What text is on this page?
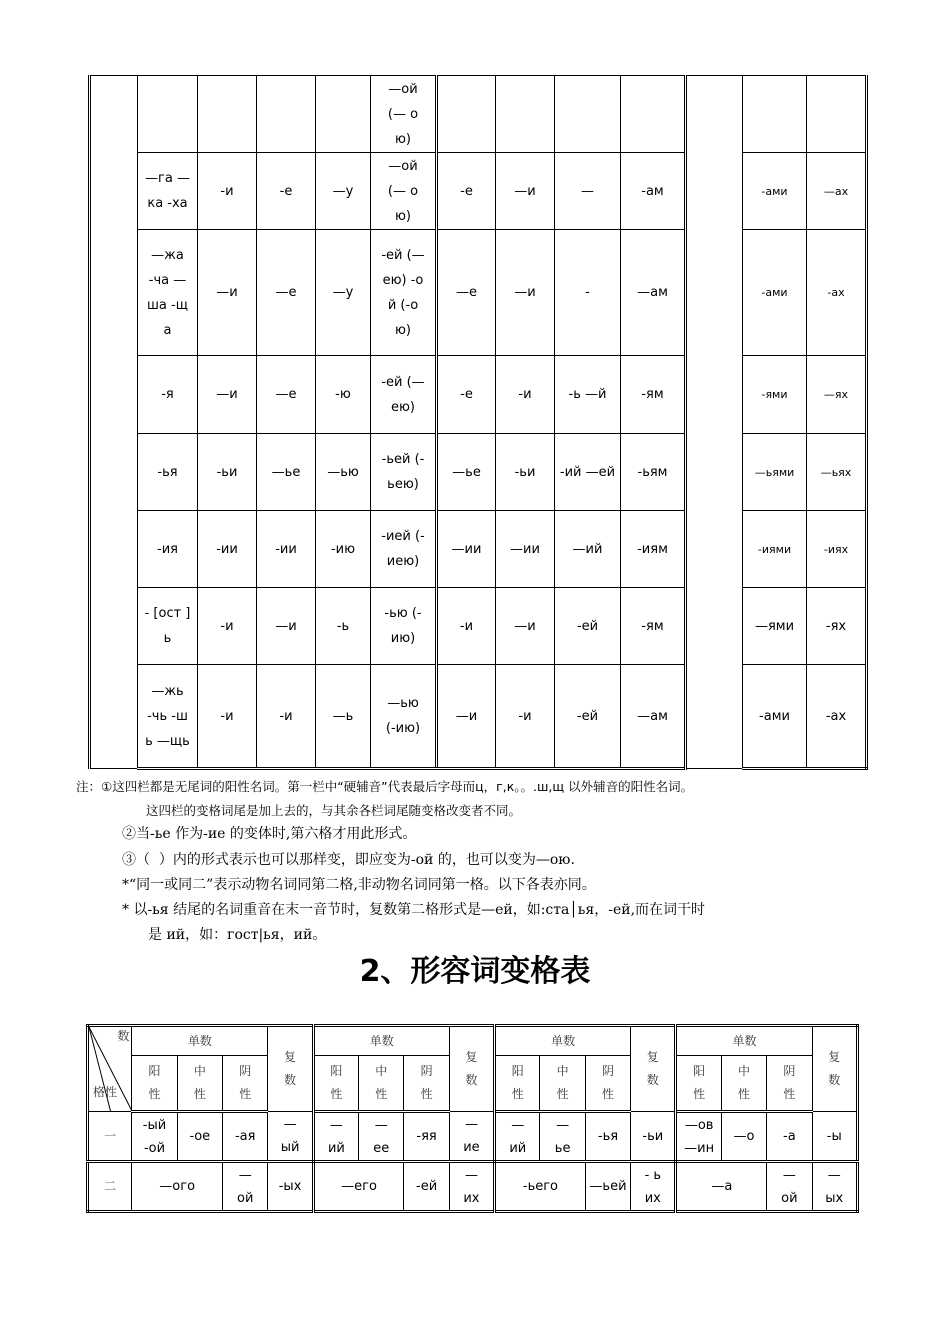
					—ой (— ою)							
	—га —ка -ха	-и	-е	—у	—ой (— ою)	-е	—и	—	-ам		-ами	—ах
	—жа -ча —ша -ща	—и	—е	—у	-ей (— ею) -ой (-ою)	—е	—и	-	—ам		-ами	-ах
	-я	—и	—е	-ю	-ей (— ею)	-е	-и	-ь —й	-ям		-ями	—ях
	-ья	-ьи	—ье	—ью	-ьей (- ьею)	—ье	-ьи	-ий —ей	-ьям		—ьями	—ьях
	-ия	-ии	-ии	-ию	-ией (- иею)	—ии	—ии	—ий	-иям		-иями	-иях
	- [ост ] ь	-и	—и	-ь	-ью (-ию)	-и	—и	-ей	-ям		—ями	-ях
	—жь -чь -шь —щь	-и	-и	—ь	—ью (-ию)	—и	-и	-ей	—ам		-ами	-ах
注：①这四栏都是无尾词的阳性名词。第一栏中“硬辅音”代表最后字母而ц，г,к。。.ш,щ 以外辅音的阳性名词。
这四栏的变格词尾是加上去的，与其余各栏词尾随变格改变者不同。
②当-ье 作为-ие 的变体时,第六格才用此形式。
③（  ）内的形式表示也可以那样变，即应变为-ой 的，也可以变为—ою.
*“同一或同二”表示动物名词同第二格,非动物名词同第一格。以下各表亦同。
* 以-ья 结尾的名词重音在末一音节时，复数第二格形式是—ей，如:ста│ья，-ей,而在词干时
是 ий，如：гост|ья，ий。
2、形容词变格表
数
格性	单数			复数	单数			复数	单数			复数	单数			复数
	阳性	中性	阴性		阳性	中性	阴性		阳性	中性	阴性		阳性	中性	阴性	
一	-ый -ой	-ое	-ая	— ый	— ий	— ее	-яя	— ие	— ий	— ье	-ья	-ьи	—ов —ин	—о	-а	-ы
二	—ого		— ой	-ых	—его		-ей	— их	-ьего		—ьей	- ьих	—а		— ой	— ых
